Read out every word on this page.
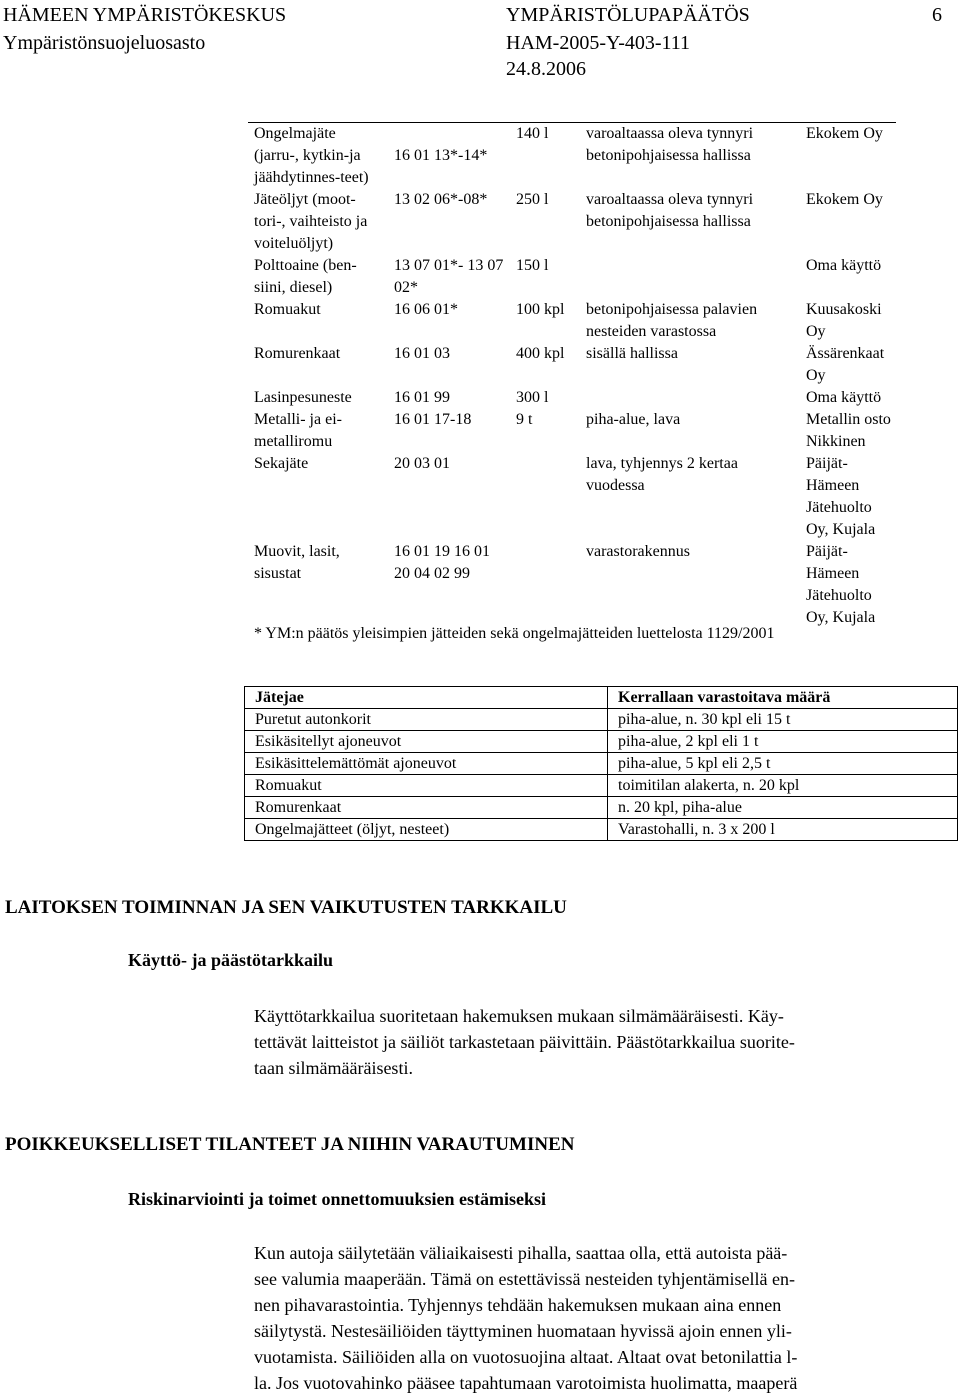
HÄMEEN YMPÄRISTÖKESKUS
Ympäristönsuojeluosasto
YMPÄRISTÖLUPAPÄÄTÖS
HAM-2005-Y-403-111
24.8.2006
6
Ongelmajäte (jarru-, kytkin-ja jäähdytinnes-teet)	16 01 13*-14*	140 l	varoaltaassa oleva tynnyri betonipohjaisessa hallissa	Ekokem Oy
Jäteöljyt (moot-tori-, vaihteisto ja voiteluöljyt)	13 02 06*-08*	250 l	varoaltaassa oleva tynnyri betonipohjaisessa hallissa	Ekokem Oy
Polttoaine (ben-siini, diesel)	13 07 01*- 13 07 02*	150 l		Oma käyttö
Romuakut	16 06 01*	100 kpl	betonipohjaisessa palavien nesteiden varastossa	Kuusakoski Oy
Romurenkaat	16 01 03	400 kpl	sisällä hallissa	Ässärenkaat Oy
Lasinpesuneste	16 01 99	300 l		Oma käyttö
Metalli- ja ei-metalliromu	16 01 17-18	9 t	piha-alue, lava	Metallin osto Nikkinen
Sekajäte	20 03 01		lava, tyhjennys 2 kertaa vuodessa	Päijät-Hämeen Jätehuolto Oy, Kujala
Muovit, lasit, sisustat	16 01 19 16 01 20 04 02 99		varastorakennus	Päijät-Hämeen Jätehuolto Oy, Kujala
* YM:n päätös yleisimpien jätteiden sekä ongelmajätteiden luettelosta 1129/2001
Jätejae	Kerrallaan varastoitava määrä
Puretut autonkorit	piha-alue, n. 30 kpl eli 15 t
Esikäsitellyt ajoneuvot	piha-alue, 2 kpl eli 1 t
Esikäsittelemättömät ajoneuvot	piha-alue, 5 kpl eli 2,5 t
Romuakut	toimitilan alakerta, n. 20 kpl
Romurenkaat	n. 20 kpl, piha-alue
Ongelmajätteet (öljyt, nesteet)	Varastohalli, n. 3 x 200 l
LAITOKSEN TOIMINNAN JA SEN VAIKUTUSTEN TARKKAILU
Käyttö- ja päästötarkkailu

Käyttötarkkailua suoritetaan hakemuksen mukaan silmämääräisesti. Käy-

tettävät laitteistot ja säiliöt tarkastetaan päivittäin. Päästötarkkailua suorite-

taan silmämääräisesti.

POIKKEUKSELLISET TILANTEET JA NIIHIN VARAUTUMINEN
Riskinarviointi ja toimet onnettomuuksien estämiseksi

Kun autoja säilytetään väliaikaisesti pihalla, saattaa olla, että autoista pää-

see valumia maaperään. Tämä on estettävissä nesteiden tyhjentämisellä en-

nen pihavarastointia. Tyhjennys tehdään hakemuksen mukaan aina ennen

säilytystä. Nestesäiliöiden täyttyminen huomataan hyvissä ajoin ennen yli-

vuotamista. Säiliöiden alla on vuotosuojina altaat. Altaat ovat betonilattia l-

la. Jos vuotovahinko pääsee tapahtumaan varotoimista huolimatta, maaperä
